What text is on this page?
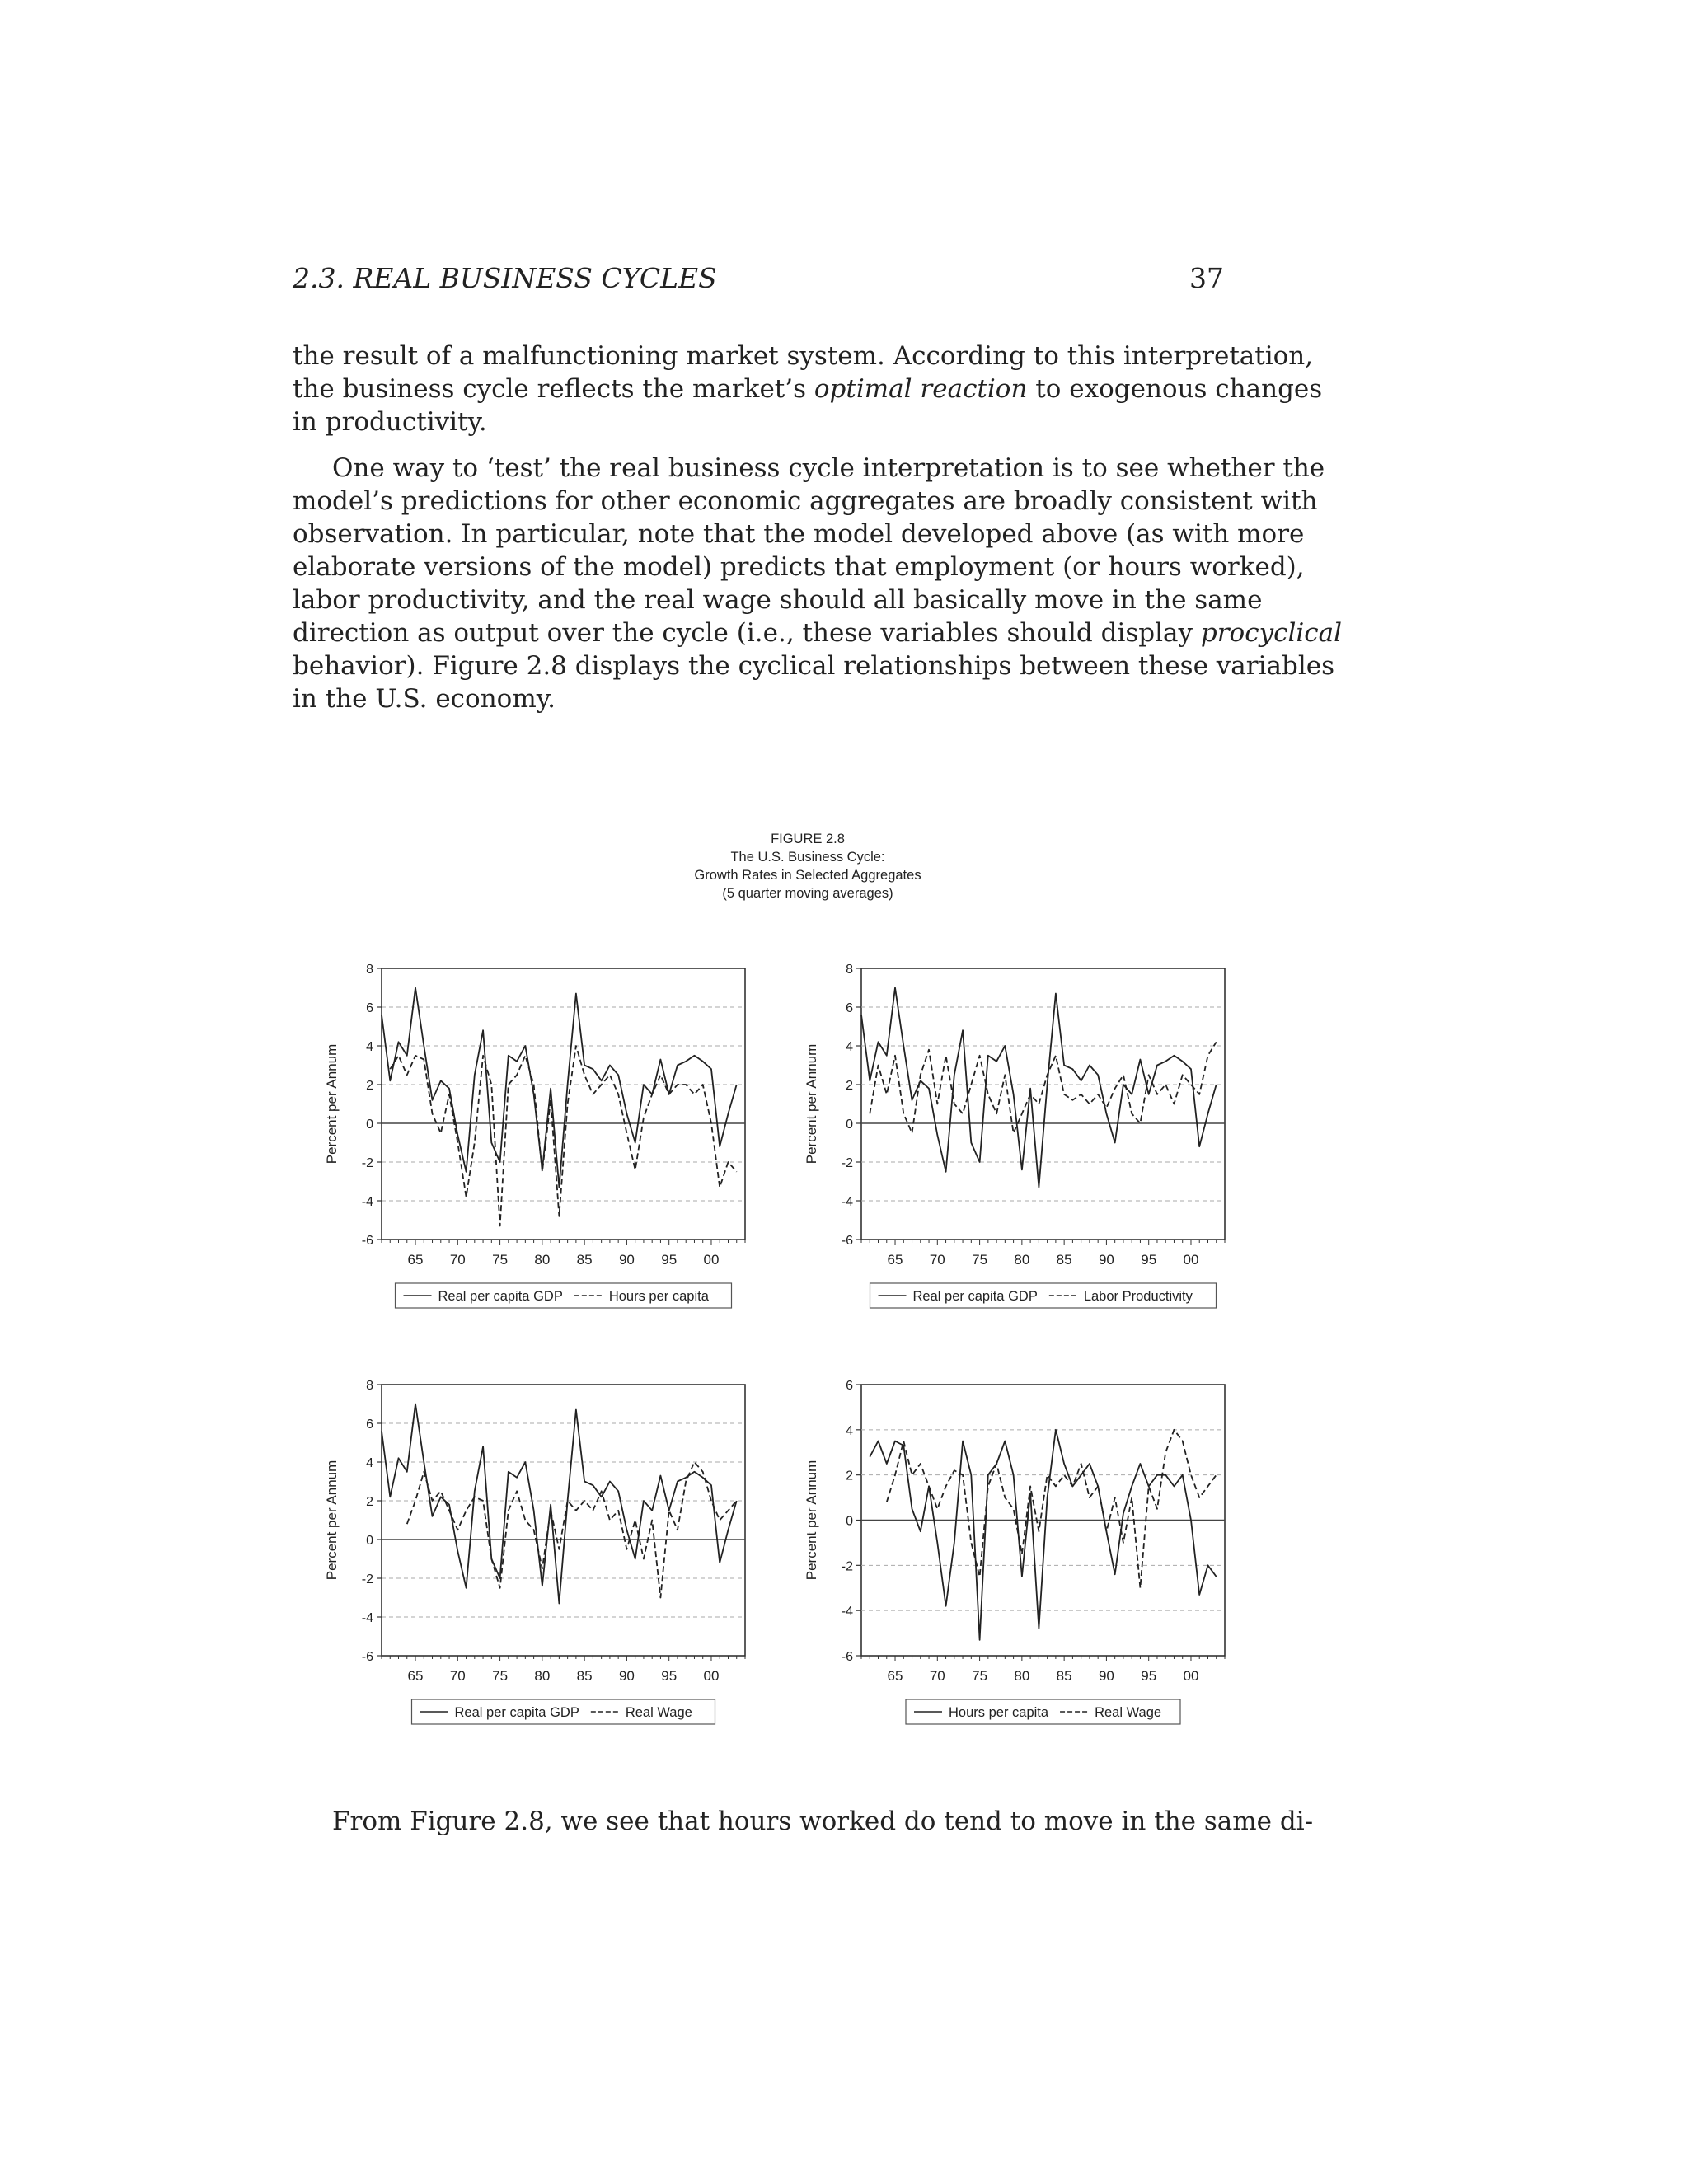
2.3. REAL BUSINESS CYCLES	37
the result of a malfunctioning market system. According to this interpretation,
the business cycle reflects the market’s optimal reaction to exogenous changes
in productivity.
One way to ‘test’ the real business cycle interpretation is to see whether the
model’s predictions for other economic aggregates are broadly consistent with
observation. In particular, note that the model developed above (as with more
elaborate versions of the model) predicts that employment (or hours worked),
labor productivity, and the real wage should all basically move in the same
direction as output over the cycle (i.e., these variables should display procyclical
behavior). Figure 2.8 displays the cyclical relationships between these variables
in the U.S. economy.
FIGURE 2.8
The U.S. Business Cycle:
Growth Rates in Selected Aggregates
(5 quarter moving averages)
8
6
4
2
0
-2
-4
-6
65 70 75 80 85 90 95 00
Percent per Annum
Real per capita GDP	Hours per capita
8
6
4
2
0
-2
-4
-6
65 70 75 80 85 90 95 00
Percent per Annum
Real per capita GDP	Labor Productivity
8
6
4
2
0
-2
-4
-6
65 70 75 80 85 90 95 00
Percent per Annum
Real per capita GDP	Real Wage
6
4
2
0
-2
-4
-6
65 70 75 80 85 90 95 00
Percent per Annum
Hours per capita	Real Wage
From Figure 2.8, we see that hours worked do tend to move in the same di-
